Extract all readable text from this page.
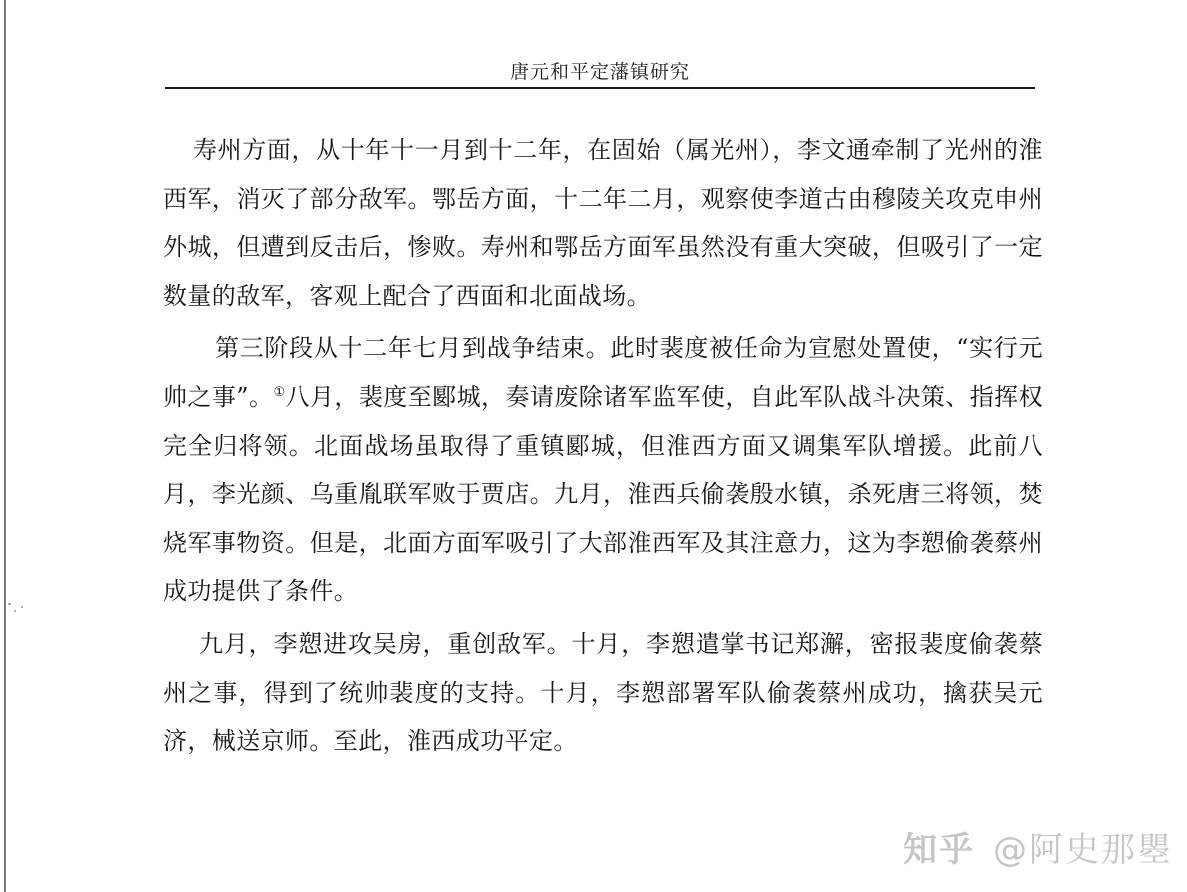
唐元和平定藩镇研究

寿州方面，从十年十一月到十二年，在固始（属光州），李文通牵制了光州的淮西军，消灭了部分敌军。鄂岳方面，十二年二月，观察使李道古由穆陵关攻克申州外城，但遭到反击后，惨败。寿州和鄂岳方面军虽然没有重大突破，但吸引了一定数量的敌军，客观上配合了西面和北面战场。

第三阶段从十二年七月到战争结束。此时裴度被任命为宣慰处置使，“实行元帅之事”。①八月，裴度至郾城，奏请废除诸军监军使，自此军队战斗决策、指挥权完全归将领。北面战场虽取得了重镇郾城，但淮西方面又调集军队增援。此前八月，李光颜、乌重胤联军败于贾店。九月，淮西兵偷袭殷水镇，杀死唐三将领，焚烧军事物资。但是，北面方面军吸引了大部淮西军及其注意力，这为李愬偷袭蔡州成功提供了条件。

九月，李愬进攻吴房，重创敌军。十月，李愬遣掌书记郑澥，密报裴度偷袭蔡州之事，得到了统帅裴度的支持。十月，李愬部署军队偷袭蔡州成功，擒获吴元济，械送京师。至此，淮西成功平定。

知乎 @阿史那瞾
